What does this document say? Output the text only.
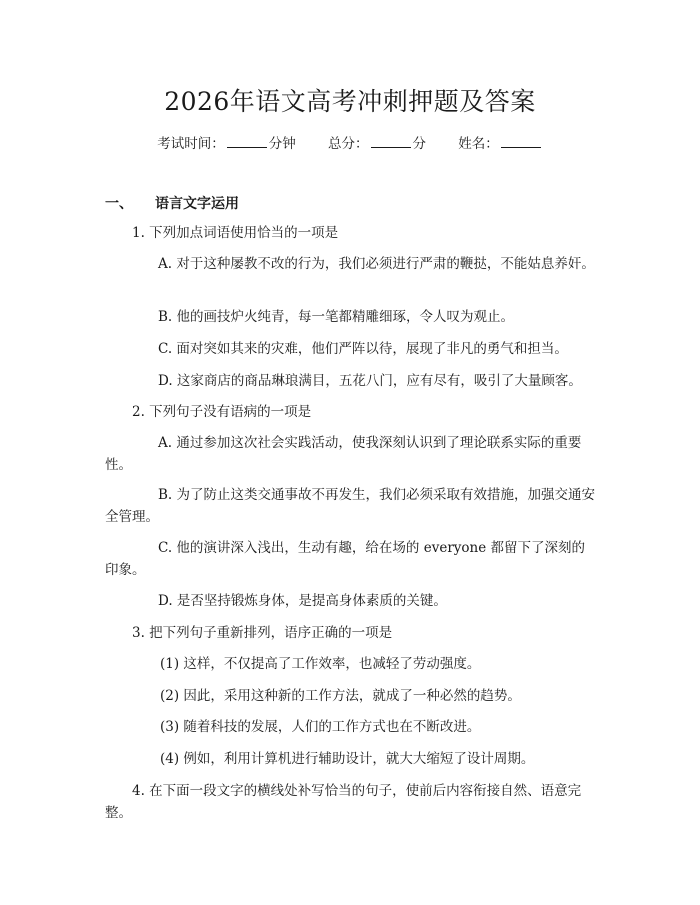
2026年语文高考冲刺押题及答案
考试时间：	分钟 总分：	分 姓名：
一、 语言文字运用
1. 下列加点词语使用恰当的一项是
A. 对于这种屡教不改的行为，我们必须进行严肃的鞭挞，不能姑息养奸。
B. 他的画技炉火纯青，每一笔都精雕细琢，令人叹为观止。
C. 面对突如其来的灾难，他们严阵以待，展现了非凡的勇气和担当。
D. 这家商店的商品琳琅满目，五花八门，应有尽有，吸引了大量顾客。
2. 下列句子没有语病的一项是
A. 通过参加这次社会实践活动，使我深刻认识到了理论联系实际的重要性。
B. 为了防止这类交通事故不再发生，我们必须采取有效措施，加强交通安全管理。
C. 他的演讲深入浅出，生动有趣，给在场的 everyone 都留下了深刻的印象。
D. 是否坚持锻炼身体，是提高身体素质的关键。
3. 把下列句子重新排列，语序正确的一项是
(1) 这样，不仅提高了工作效率，也减轻了劳动强度。
(2) 因此，采用这种新的工作方法，就成了一种必然的趋势。
(3) 随着科技的发展，人们的工作方式也在不断改进。
(4) 例如，利用计算机进行辅助设计，就大大缩短了设计周期。
4. 在下面一段文字的横线处补写恰当的句子，使前后内容衔接自然、语意完整。
